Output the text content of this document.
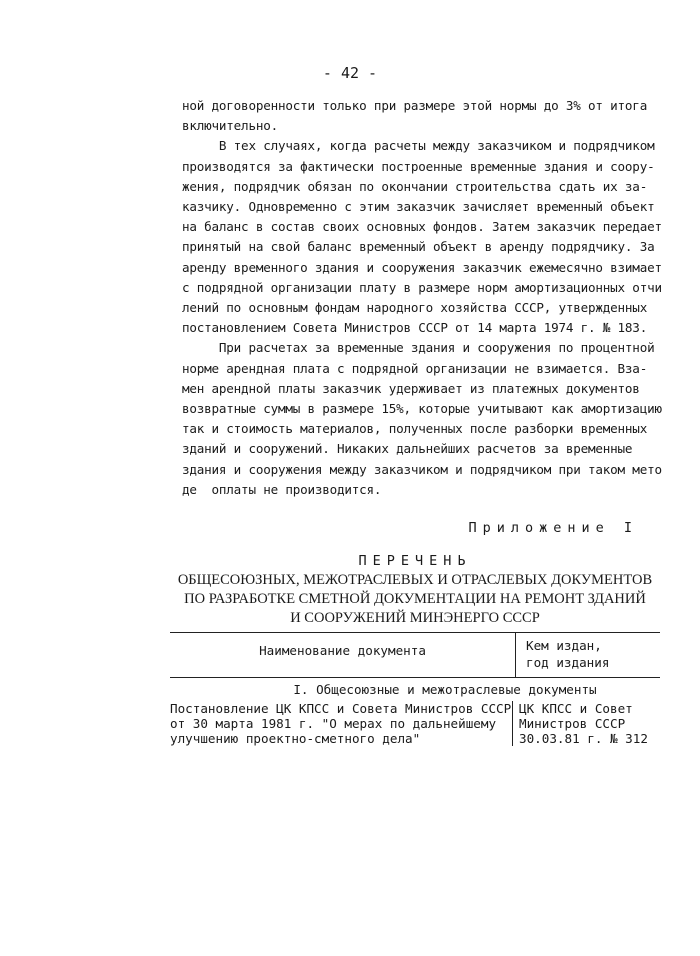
- 42 -

ной договоренности только при размере этой нормы до 3% от итога
включительно.

В тех случаях, когда расчеты между заказчиком и подрядчиком
производятся за фактически построенные временные здания и соору-
жения, подрядчик обязан по окончании строительства сдать их за-
казчику. Одновременно с этим заказчик зачисляет временный объект
на баланс в состав своих основных фондов. Затем заказчик передает
принятый на свой баланс временный объект в аренду подрядчику. За
аренду временного здания и сооружения заказчик ежемесячно взимает
с подрядной организации плату в размере норм амортизационных отчи
лений по основным фондам народного хозяйства СССР, утвержденных
постановлением Совета Министров СССР от 14 марта 1974 г. № 183.

При расчетах за временные здания и сооружения по процентной
норме арендная плата с подрядной организации не взимается. Вза-
мен арендной платы заказчик удерживает из платежных документов
возвратные суммы в размере 15%, которые учитывают как амортизацию
так и стоимость материалов, полученных после разборки временных
зданий и сооружений. Никаких дальнейших расчетов за временные
здания и сооружения между заказчиком и подрядчиком при таком мето
де  оплаты не производится.

Приложение I
ПЕРЕЧЕНЬ
ОБЩЕСОЮЗНЫХ, МЕЖОТРАСЛЕВЫХ И ОТРАСЛЕВЫХ ДОКУМЕНТОВ
ПО РАЗРАБОТКЕ СМЕТНОЙ ДОКУМЕНТАЦИИ НА РЕМОНТ ЗДАНИЙ
И СООРУЖЕНИЙ МИНЭНЕРГО СССР
Наименование документа	Кем издан,
год издания
I. Общесоюзные и межотраслевые документы
Постановление ЦК КПСС и Совета Министров СССР
от 30 марта 1981 г. "О мерах по дальнейшему
улучшению проектно-сметного дела"
ЦК КПСС и Совет
Министров СССР
30.03.81 г. № 312
